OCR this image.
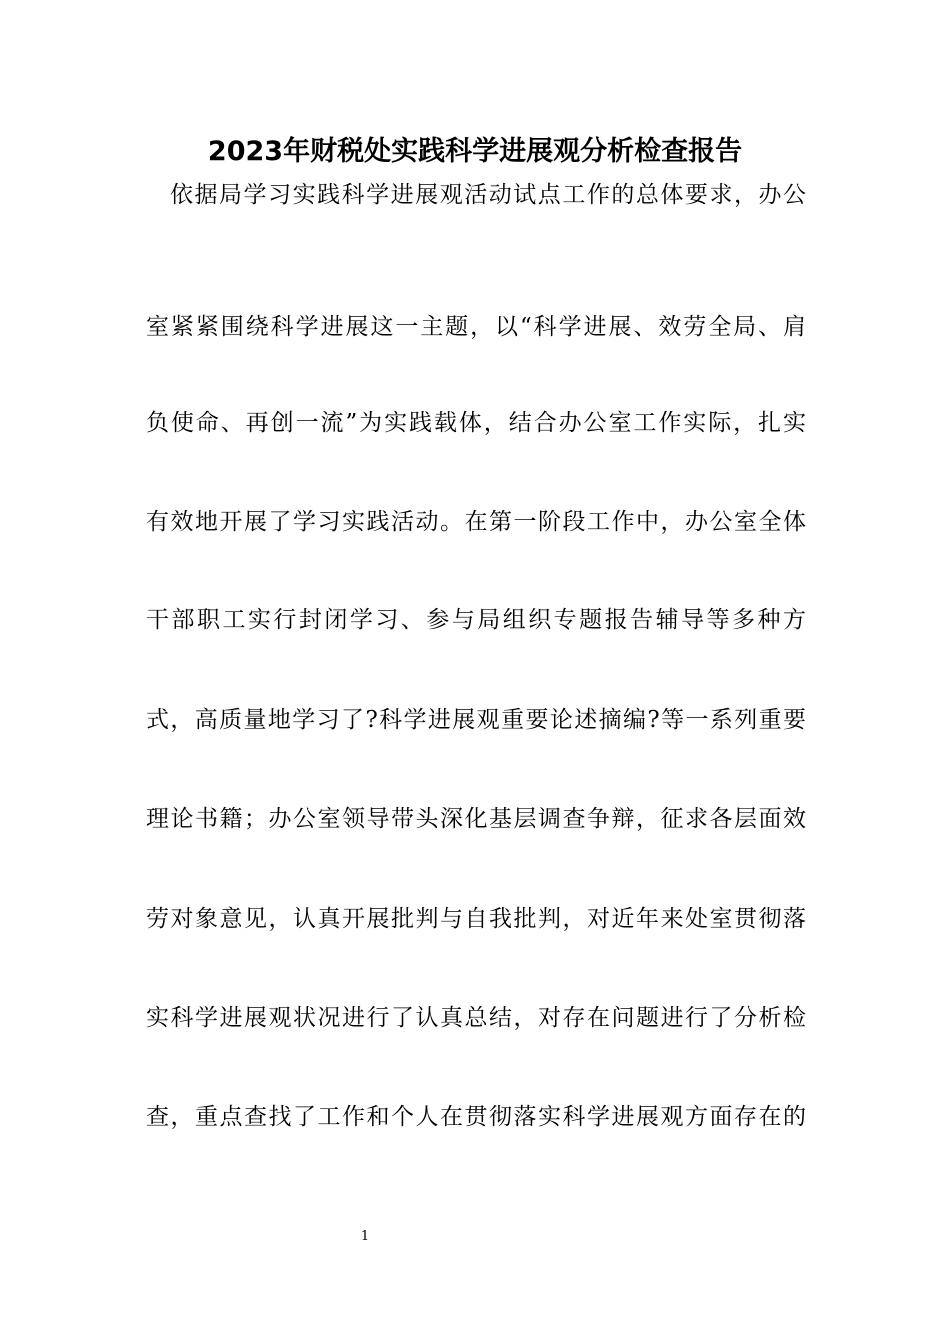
2023年财税处实践科学进展观分析检查报告
依据局学习实践科学进展观活动试点工作的总体要求，办公
室紧紧围绕科学进展这一主题，以“科学进展、效劳全局、肩
负使命、再创一流”为实践载体，结合办公室工作实际，扎实
有效地开展了学习实践活动。在第一阶段工作中，办公室全体
干部职工实行封闭学习、参与局组织专题报告辅导等多种方
式，高质量地学习了?科学进展观重要论述摘编?等一系列重要
理论书籍；办公室领导带头深化基层调查争辩，征求各层面效
劳对象意见，认真开展批判与自我批判，对近年来处室贯彻落
实科学进展观状况进行了认真总结，对存在问题进行了分析检
查，重点查找了工作和个人在贯彻落实科学进展观方面存在的
1
